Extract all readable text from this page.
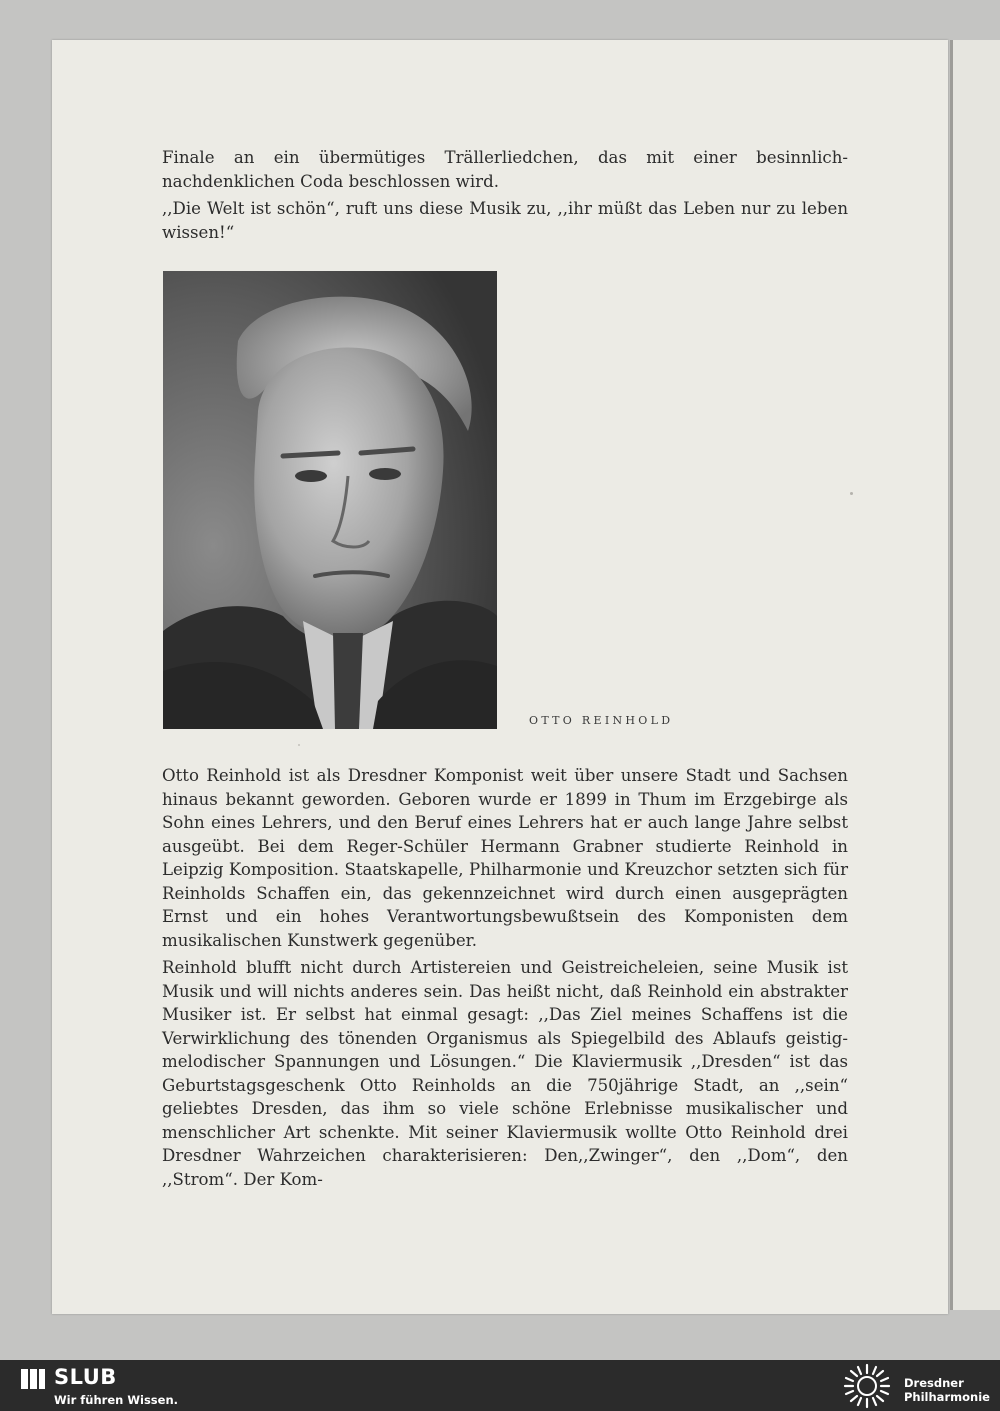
Finale an ein übermütiges Trällerliedchen, das mit einer besinnlich-nachdenklichen Coda beschlossen wird.

,,Die Welt ist schön“, ruft uns diese Musik zu, ,,ihr müßt das Leben nur zu leben wissen!“

OTTO REINHOLD

Otto Reinhold ist als Dresdner Komponist weit über unsere Stadt und Sachsen hinaus bekannt geworden. Geboren wurde er 1899 in Thum im Erzgebirge als Sohn eines Lehrers, und den Beruf eines Lehrers hat er auch lange Jahre selbst ausgeübt. Bei dem Reger-Schüler Hermann Grabner studierte Reinhold in Leipzig Komposition. Staatskapelle, Philharmonie und Kreuzchor setzten sich für Reinholds Schaffen ein, das gekennzeichnet wird durch einen ausgeprägten Ernst und ein hohes Verantwortungsbewußtsein des Komponisten dem musikalischen Kunstwerk gegenüber.

Reinhold blufft nicht durch Artistereien und Geistreicheleien, seine Musik ist Musik und will nichts anderes sein. Das heißt nicht, daß Reinhold ein abstrakter Musiker ist. Er selbst hat einmal gesagt: ,,Das Ziel meines Schaffens ist die Verwirklichung des tönenden Organismus als Spiegelbild des Ablaufs geistig-melodischer Spannungen und Lösungen.“ Die Klaviermusik ,,Dresden“ ist das Geburtstagsgeschenk Otto Reinholds an die 750jährige Stadt, an ,,sein“ geliebtes Dresden, das ihm so viele schöne Erlebnisse musikalischer und menschlicher Art schenkte. Mit seiner Klaviermusik wollte Otto Reinhold drei Dresdner Wahrzeichen charakterisieren: Den,,Zwinger“, den ,,Dom“, den ,,Strom“. Der Kom-

SLUB
Wir führen Wissen.
Dresdner
Philharmonie
